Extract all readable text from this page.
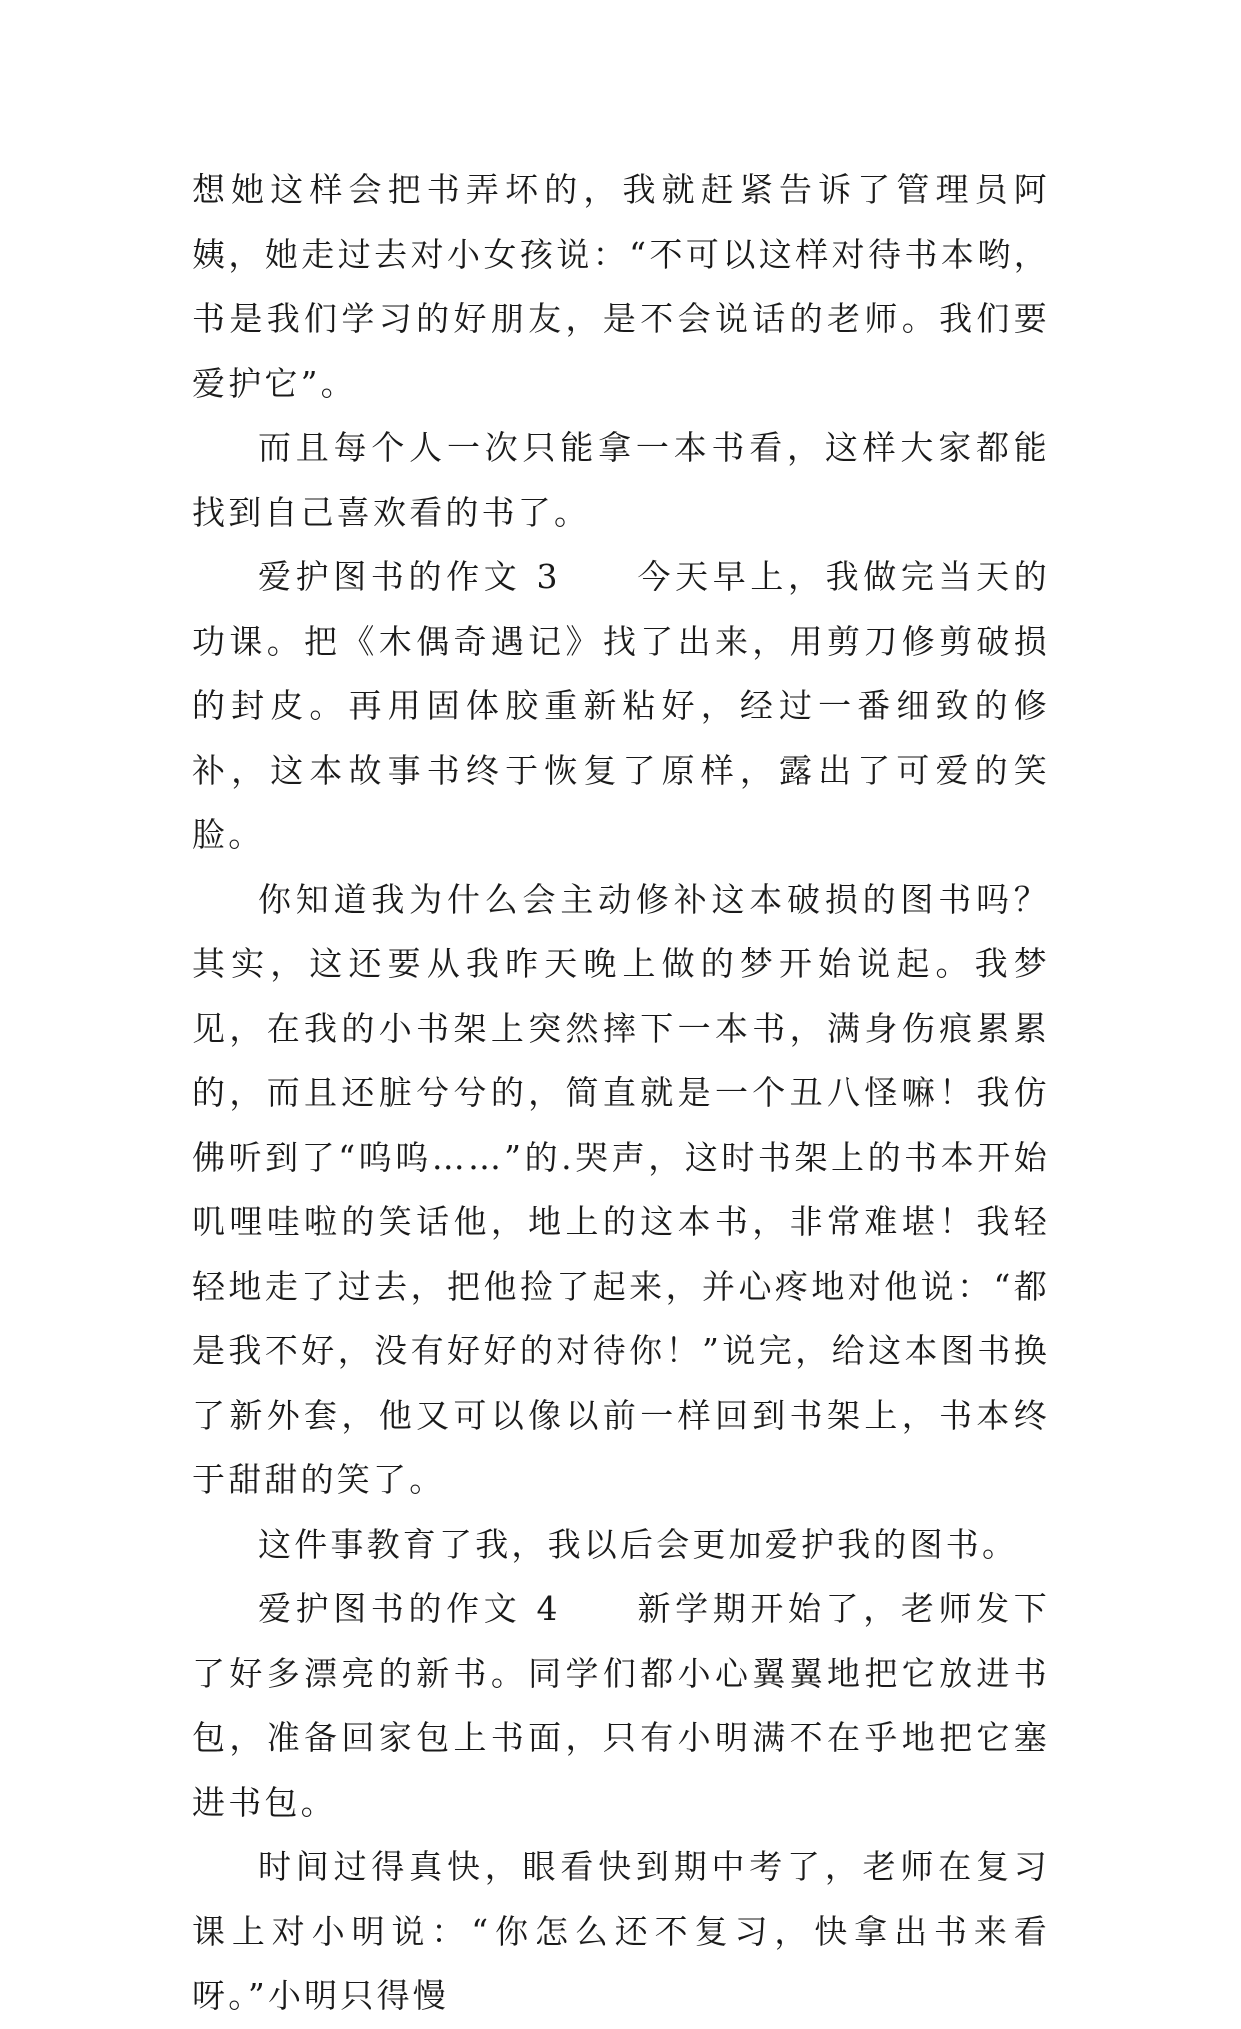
想她这样会把书弄坏的，我就赶紧告诉了管理员阿姨，她走过去对小女孩说：“不可以这样对待书本哟，书是我们学习的好朋友，是不会说话的老师。我们要爱护它”。

而且每个人一次只能拿一本书看，这样大家都能找到自己喜欢看的书了。

爱护图书的作文 3　　今天早上，我做完当天的功课。把《木偶奇遇记》找了出来，用剪刀修剪破损的封皮。再用固体胶重新粘好，经过一番细致的修补，这本故事书终于恢复了原样，露出了可爱的笑脸。

你知道我为什么会主动修补这本破损的图书吗？其实，这还要从我昨天晚上做的梦开始说起。我梦见，在我的小书架上突然摔下一本书，满身伤痕累累的，而且还脏兮兮的，简直就是一个丑八怪嘛！我仿佛听到了“呜呜……”的.哭声，这时书架上的书本开始叽哩哇啦的笑话他，地上的这本书，非常难堪！我轻轻地走了过去，把他捡了起来，并心疼地对他说：“都是我不好，没有好好的对待你！”说完，给这本图书换了新外套，他又可以像以前一样回到书架上，书本终于甜甜的笑了。

这件事教育了我，我以后会更加爱护我的图书。

爱护图书的作文 4　　新学期开始了，老师发下了好多漂亮的新书。同学们都小心翼翼地把它放进书包，准备回家包上书面，只有小明满不在乎地把它塞进书包。

时间过得真快，眼看快到期中考了，老师在复习课上对小明说：“你怎么还不复习，快拿出书来看呀。”小明只得慢
